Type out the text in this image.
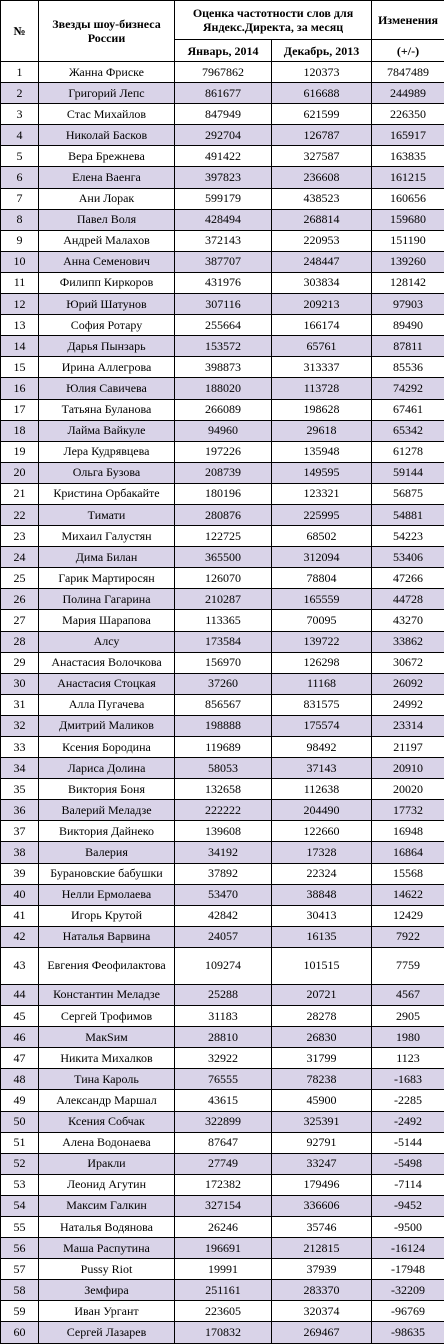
№	Звезды шоу-бизнеса России	Оценка частотности слов для Яндекс.Директа, за месяц		Изменения
		Январь, 2014	Декабрь, 2013	(+/-)
1	Жанна Фриске	7967862	120373	7847489
2	Григорий Лепс	861677	616688	244989
3	Стас Михайлов	847949	621599	226350
4	Николай Басков	292704	126787	165917
5	Вера Брежнева	491422	327587	163835
6	Елена Ваенга	397823	236608	161215
7	Ани Лорак	599179	438523	160656
8	Павел Воля	428494	268814	159680
9	Андрей Малахов	372143	220953	151190
10	Анна Семенович	387707	248447	139260
11	Филипп Киркоров	431976	303834	128142
12	Юрий Шатунов	307116	209213	97903
13	София Ротару	255664	166174	89490
14	Дарья Пынзарь	153572	65761	87811
15	Ирина Аллегрова	398873	313337	85536
16	Юлия Савичева	188020	113728	74292
17	Татьяна Буланова	266089	198628	67461
18	Лайма Вайкуле	94960	29618	65342
19	Лера Кудрявцева	197226	135948	61278
20	Ольга Бузова	208739	149595	59144
21	Кристина Орбакайте	180196	123321	56875
22	Тимати	280876	225995	54881
23	Михаил Галустян	122725	68502	54223
24	Дима Билан	365500	312094	53406
25	Гарик Мартиросян	126070	78804	47266
26	Полина Гагарина	210287	165559	44728
27	Мария Шарапова	113365	70095	43270
28	Алсу	173584	139722	33862
29	Анастасия Волочкова	156970	126298	30672
30	Анастасия Стоцкая	37260	11168	26092
31	Алла Пугачева	856567	831575	24992
32	Дмитрий Маликов	198888	175574	23314
33	Ксения Бородина	119689	98492	21197
34	Лариса Долина	58053	37143	20910
35	Виктория Боня	132658	112638	20020
36	Валерий Меладзе	222222	204490	17732
37	Виктория Дайнеко	139608	122660	16948
38	Валерия	34192	17328	16864
39	Бурановские бабушки	37892	22324	15568
40	Нелли Ермолаева	53470	38848	14622
41	Игорь Крутой	42842	30413	12429
42	Наталья Варвина	24057	16135	7922
43	Евгения Феофилактова	109274	101515	7759
44	Константин Меладзе	25288	20721	4567
45	Сергей Трофимов	31183	28278	2905
46	МакSим	28810	26830	1980
47	Никита Михалков	32922	31799	1123
48	Тина Кароль	76555	78238	-1683
49	Александр Маршал	43615	45900	-2285
50	Ксения Собчак	322899	325391	-2492
51	Алена Водонаева	87647	92791	-5144
52	Иракли	27749	33247	-5498
53	Леонид Агутин	172382	179496	-7114
54	Максим Галкин	327154	336606	-9452
55	Наталья Водянова	26246	35746	-9500
56	Маша Распутина	196691	212815	-16124
57	Pussy Riot	19991	37939	-17948
58	Земфира	251161	283370	-32209
59	Иван Ургант	223605	320374	-96769
60	Сергей Лазарев	170832	269467	-98635
